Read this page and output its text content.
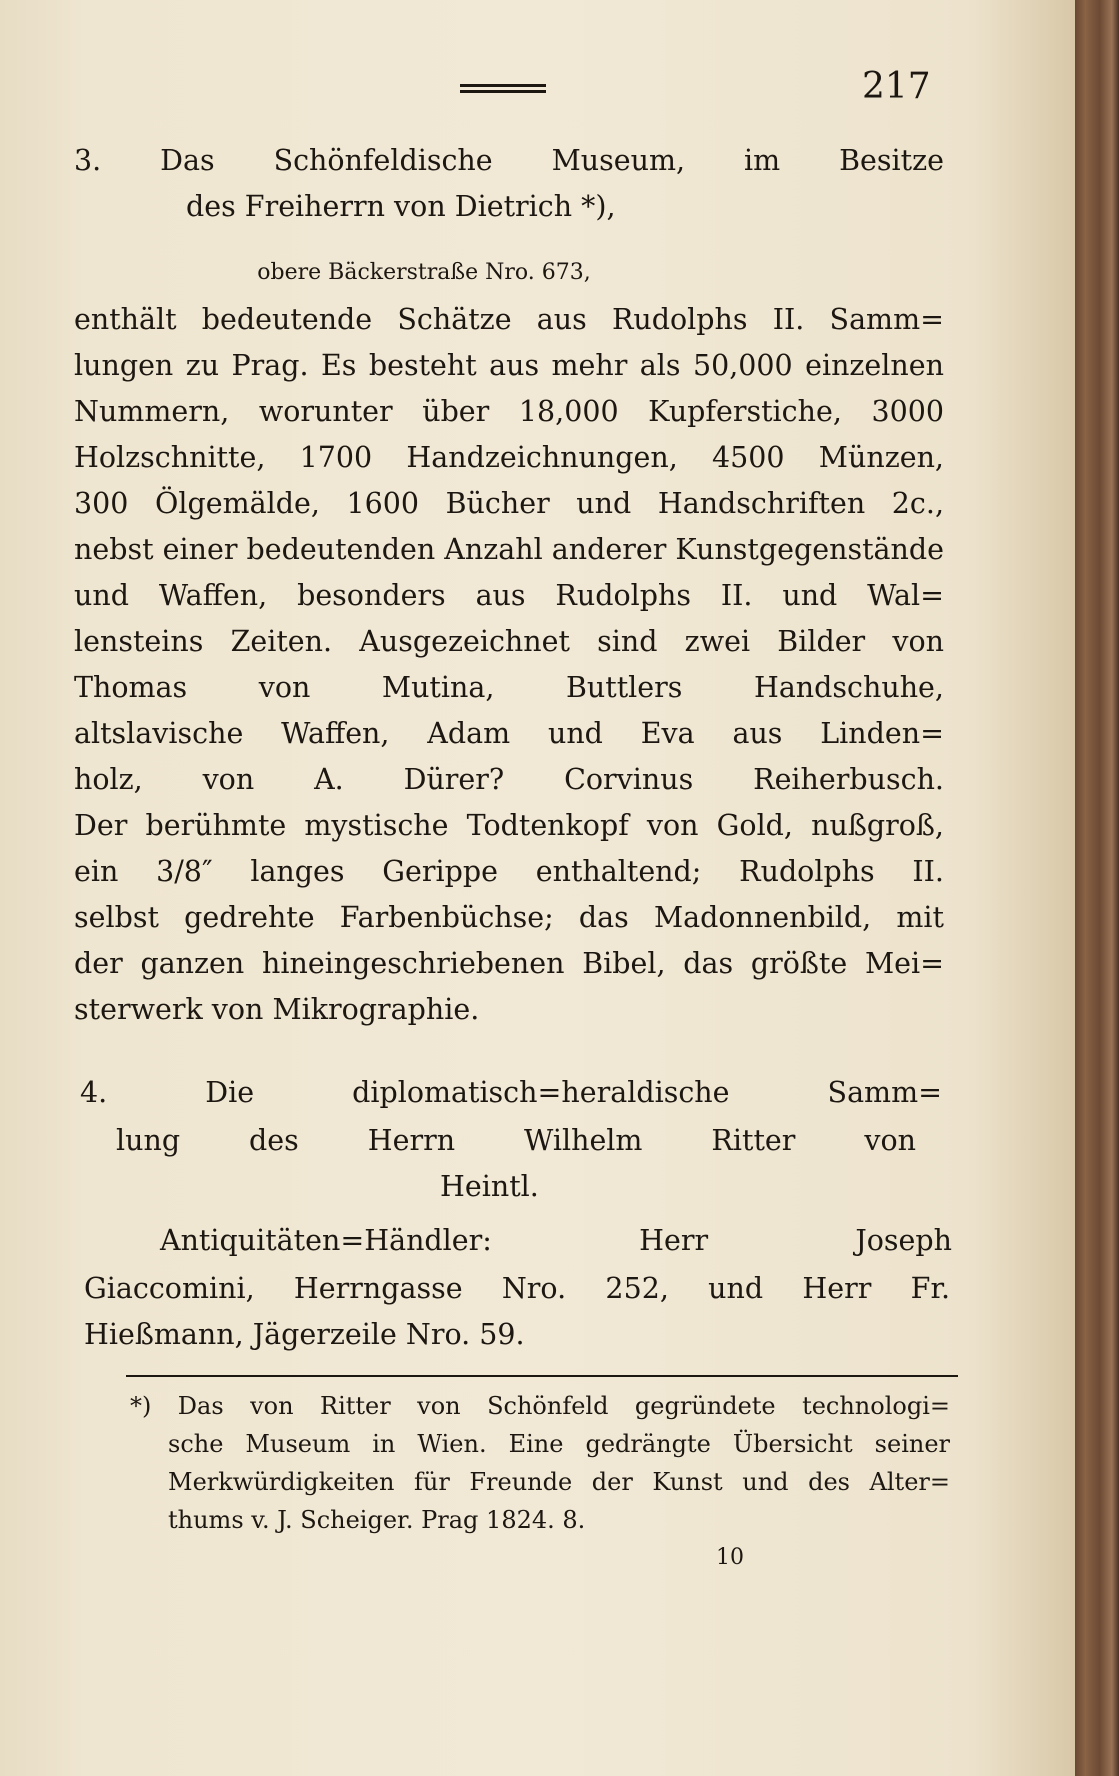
217
3. Das Schönfeldische Museum, im Besitze
des Freiherrn von Dietrich *),
obere Bäckerstraße Nro. 673,
enthält bedeutende Schätze aus Rudolphs II. Samm=
lungen zu Prag. Es besteht aus mehr als 50,000 einzelnen
Nummern, worunter über 18,000 Kupferstiche, 3000
Holzschnitte, 1700 Handzeichnungen, 4500 Münzen,
300 Ölgemälde, 1600 Bücher und Handschriften 2c.,
nebst einer bedeutenden Anzahl anderer Kunstgegenstände
und Waffen, besonders aus Rudolphs II. und Wal=
lensteins Zeiten. Ausgezeichnet sind zwei Bilder von
Thomas von Mutina, Buttlers Handschuhe,
altslavische Waffen, Adam und Eva aus Linden=
holz, von A. Dürer? Corvinus Reiherbusch.
Der berühmte mystische Todtenkopf von Gold, nußgroß,
ein 3/8″ langes Gerippe enthaltend; Rudolphs II.
selbst gedrehte Farbenbüchse; das Madonnenbild, mit
der ganzen hineingeschriebenen Bibel, das größte Mei=
sterwerk von Mikrographie.
4. Die diplomatisch=heraldische Samm=
lung des Herrn Wilhelm Ritter von
Heintl.
Antiquitäten=Händler: Herr Joseph
Giaccomini, Herrngasse Nro. 252, und Herr Fr.
Hießmann, Jägerzeile Nro. 59.
*) Das von Ritter von Schönfeld gegründete technologi=
sche Museum in Wien. Eine gedrängte Übersicht seiner
Merkwürdigkeiten für Freunde der Kunst und des Alter=
thums v. J. Scheiger. Prag 1824. 8.
10
